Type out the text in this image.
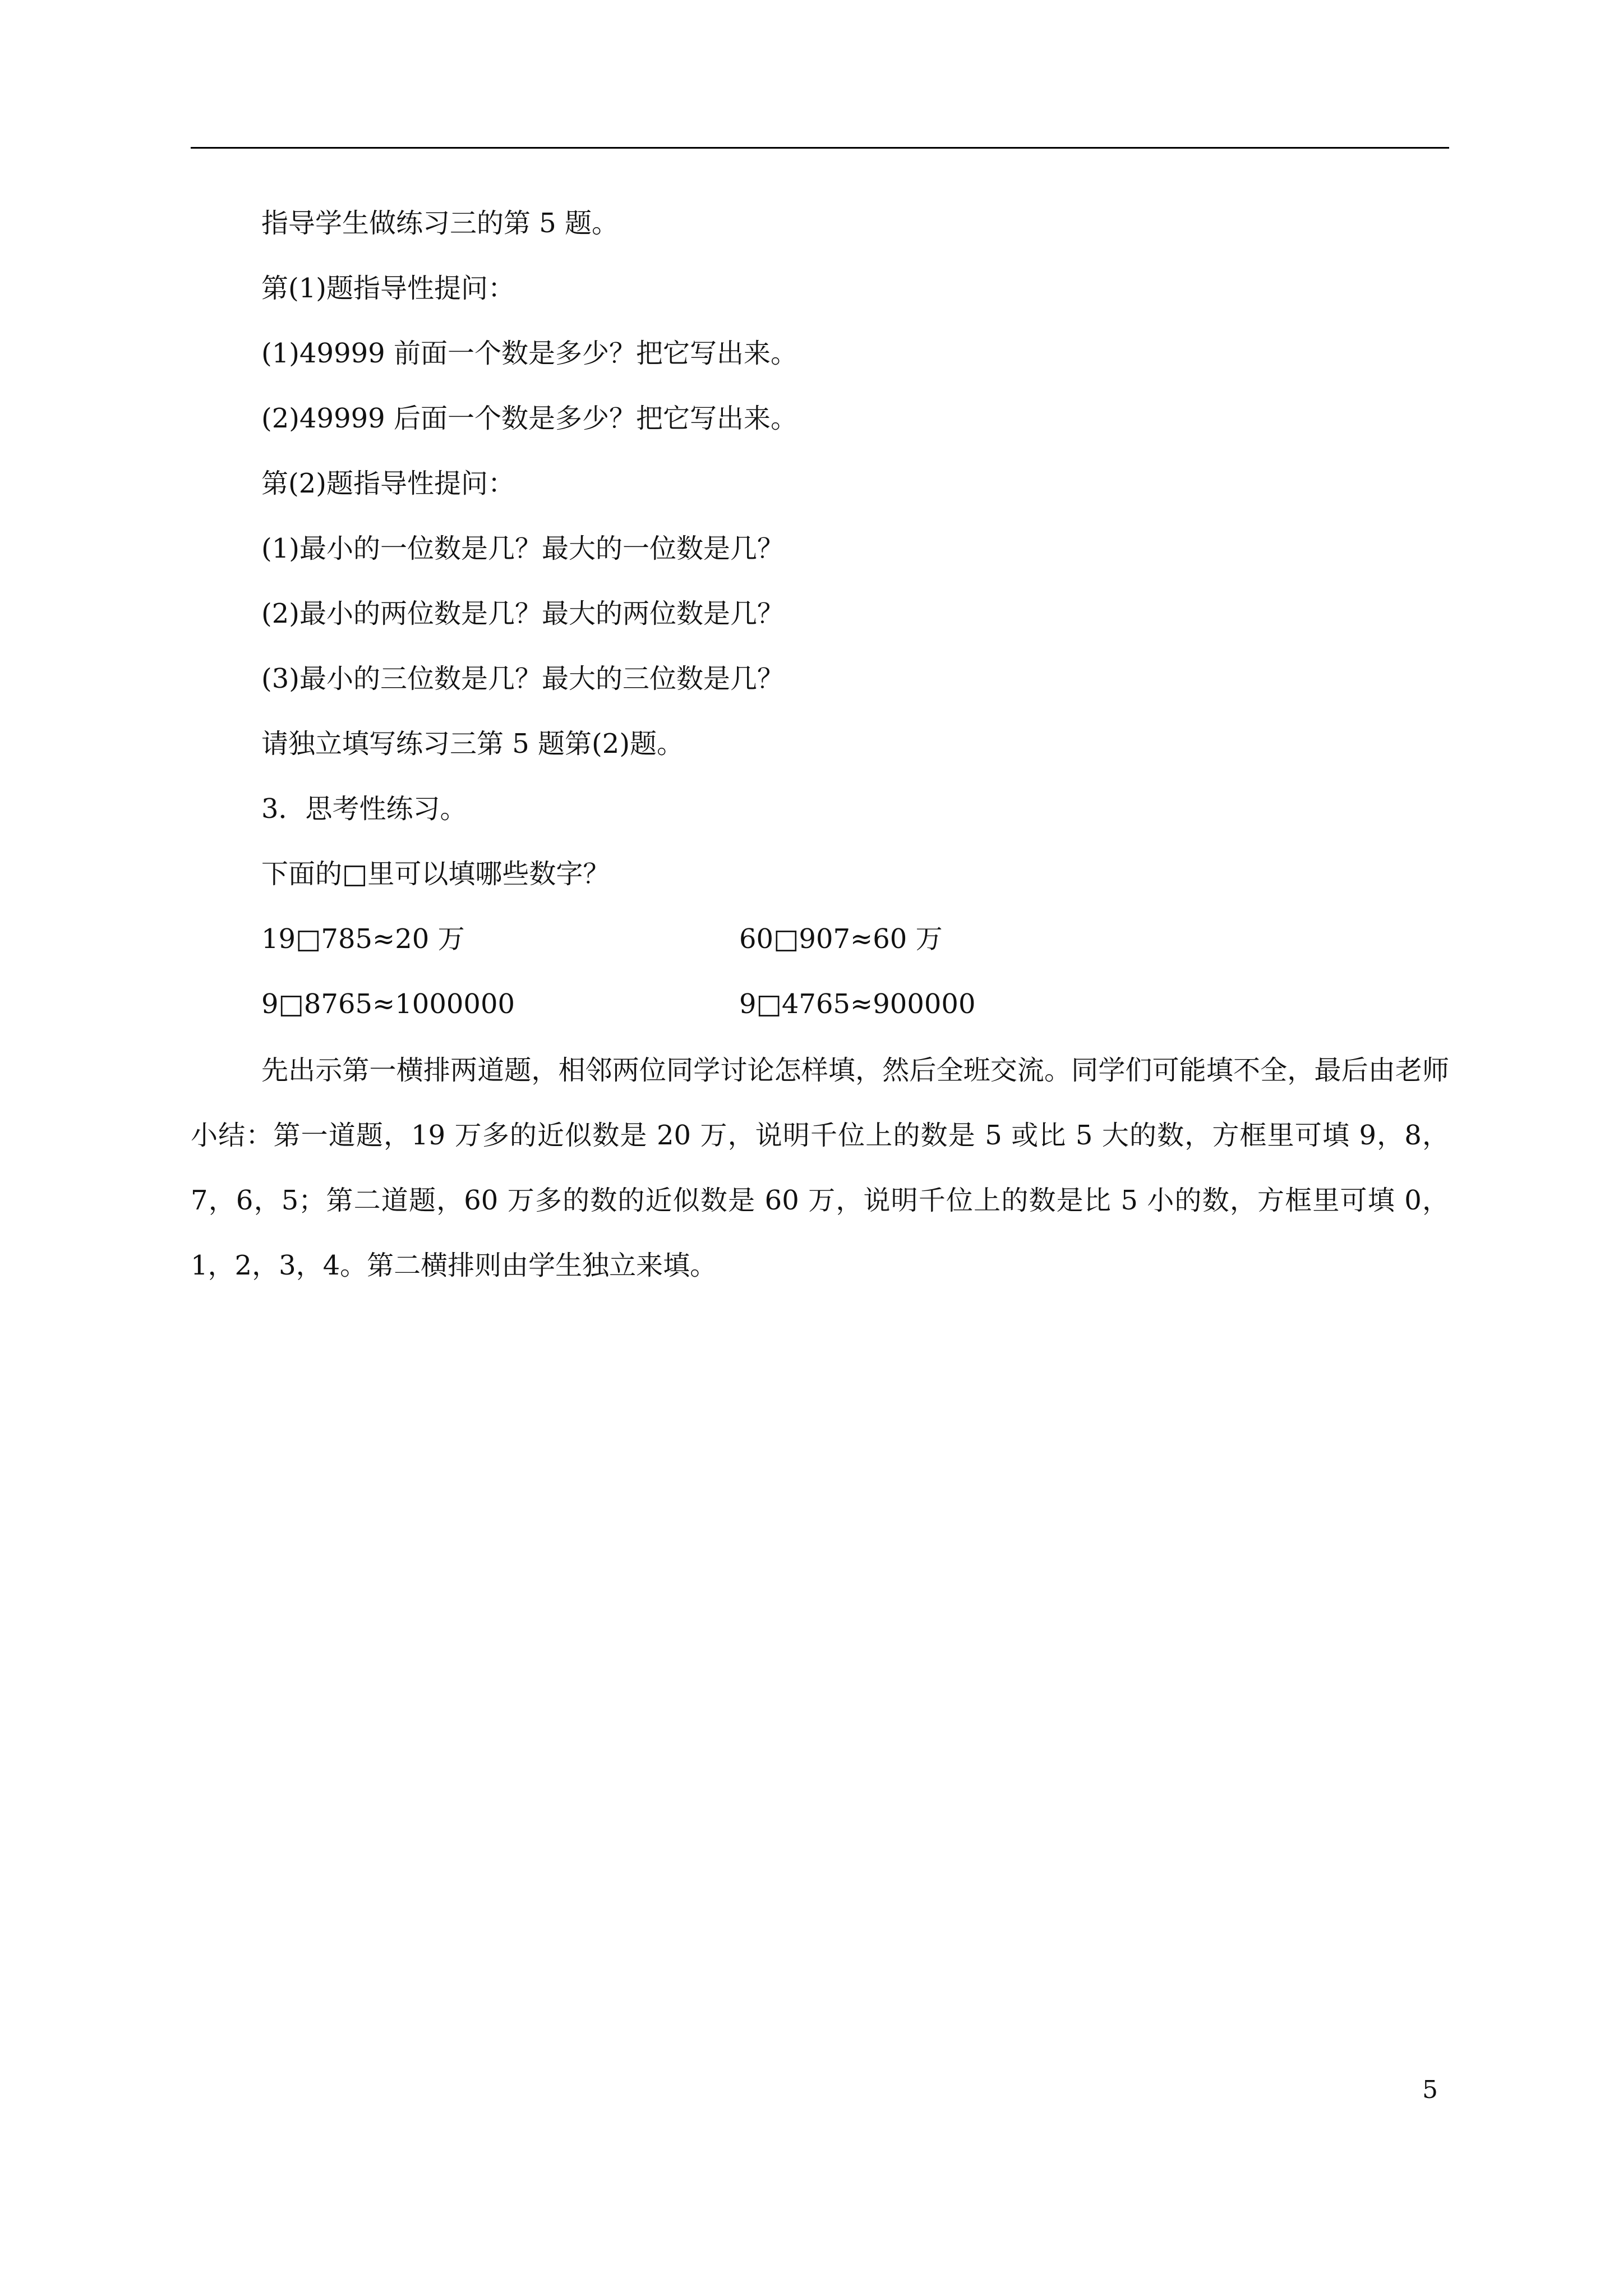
指导学生做练习三的第 5 题。
第(1)题指导性提问：
(1)49999 前面一个数是多少？把它写出来。
(2)49999 后面一个数是多少？把它写出来。
第(2)题指导性提问：
(1)最小的一位数是几？最大的一位数是几？
(2)最小的两位数是几？最大的两位数是几？
(3)最小的三位数是几？最大的三位数是几？
请独立填写练习三第 5 题第(2)题。
3．思考性练习。
下面的□里可以填哪些数字？
19□785≈20 万	60□907≈60 万
9□8765≈1000000	9□4765≈900000
先出示第一横排两道题，相邻两位同学讨论怎样填，然后全班交流。同学们可能填不全，最后由老师小结：第一道题，19 万多的近似数是 20 万，说明千位上的数是 5 或比 5 大的数，方框里可填 9，8，7，6，5；第二道题，60 万多的数的近似数是 60 万，说明千位上的数是比 5 小的数，方框里可填 0，1，2，3，4。第二横排则由学生独立来填。
5
